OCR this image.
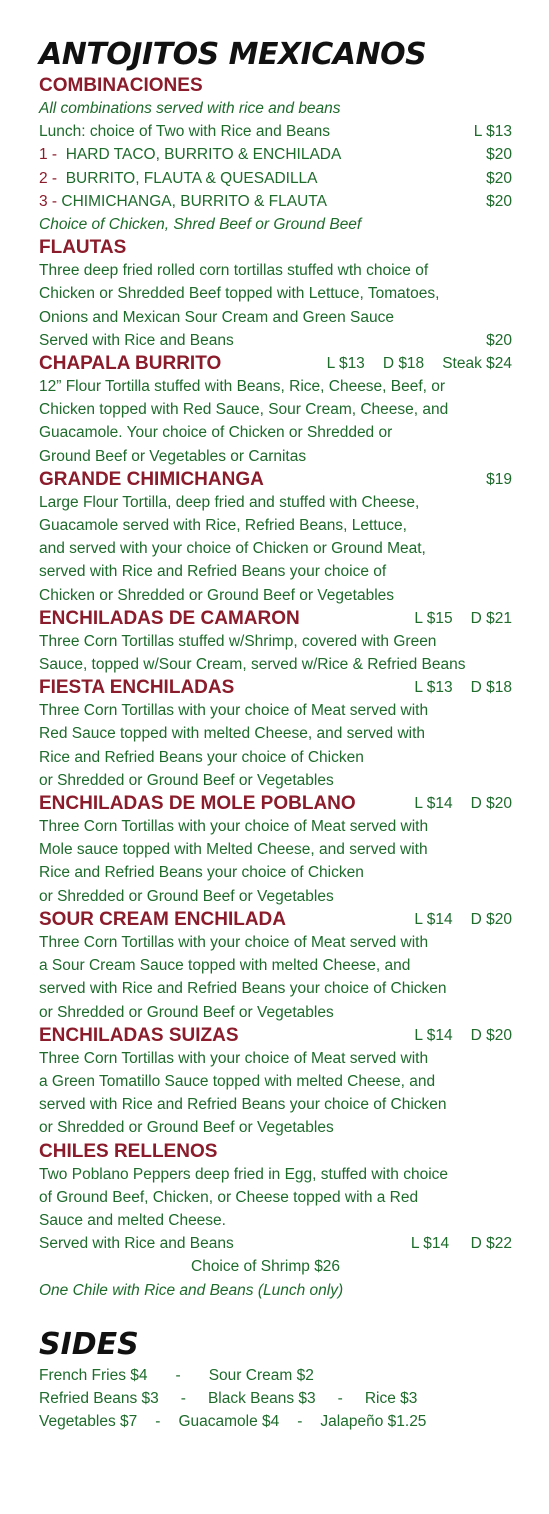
ANTOJITOS MEXICANOS
COMBINACIONES
All combinations served with rice and beans
Lunch: choice of Two with Rice and Beans	L $13
1 - HARD TACO, BURRITO & ENCHILADA	$20
2 - BURRITO, FLAUTA & QUESADILLA	$20
3 - CHIMICHANGA, BURRITO & FLAUTA	$20
Choice of Chicken, Shred Beef or Ground Beef
FLAUTAS
Three deep fried rolled corn tortillas stuffed wth choice of
Chicken or Shredded Beef topped with Lettuce, Tomatoes,
Onions and Mexican Sour Cream and Green Sauce
Served with Rice and Beans	$20
CHAPALA BURRITO	L $13 D $18 Steak $24
12” Flour Tortilla stuffed with Beans, Rice, Cheese, Beef, or
Chicken topped with Red Sauce, Sour Cream, Cheese, and
Guacamole. Your choice of Chicken or Shredded or
Ground Beef or Vegetables or Carnitas
GRANDE CHIMICHANGA	$19
Large Flour Tortilla, deep fried and stuffed with Cheese,
Guacamole served with Rice, Refried Beans, Lettuce,
and served with your choice of Chicken or Ground Meat,
served with Rice and Refried Beans your choice of
Chicken or Shredded or Ground Beef or Vegetables
ENCHILADAS DE CAMARON	L $15 D $21
Three Corn Tortillas stuffed w/Shrimp, covered with Green
Sauce, topped w/Sour Cream, served w/Rice & Refried Beans
FIESTA ENCHILADAS	L $13 D $18
Three Corn Tortillas with your choice of Meat served with
Red Sauce topped with melted Cheese, and served with
Rice and Refried Beans your choice of Chicken
or Shredded or Ground Beef or Vegetables
ENCHILADAS DE MOLE POBLANO	L $14 D $20
Three Corn Tortillas with your choice of Meat served with
Mole sauce topped with Melted Cheese, and served with
Rice and Refried Beans your choice of Chicken
or Shredded or Ground Beef or Vegetables
SOUR CREAM ENCHILADA	L $14 D $20
Three Corn Tortillas with your choice of Meat served with
a Sour Cream Sauce topped with melted Cheese, and
served with Rice and Refried Beans your choice of Chicken
or Shredded or Ground Beef or Vegetables
ENCHILADAS SUIZAS	L $14 D $20
Three Corn Tortillas with your choice of Meat served with
a Green Tomatillo Sauce topped with melted Cheese, and
served with Rice and Refried Beans your choice of Chicken
or Shredded or Ground Beef or Vegetables
CHILES RELLENOS
Two Poblano Peppers deep fried in Egg, stuffed with choice
of Ground Beef, Chicken, or Cheese topped with a Red
Sauce and melted Cheese.
Served with Rice and Beans	L $14 D $22
Choice of Shrimp $26
One Chile with Rice and Beans (Lunch only)
SIDES
French Fries $4 - Sour Cream $2
Refried Beans $3 - Black Beans $3 - Rice $3
Vegetables $7 - Guacamole $4 - Jalapeño $1.25
